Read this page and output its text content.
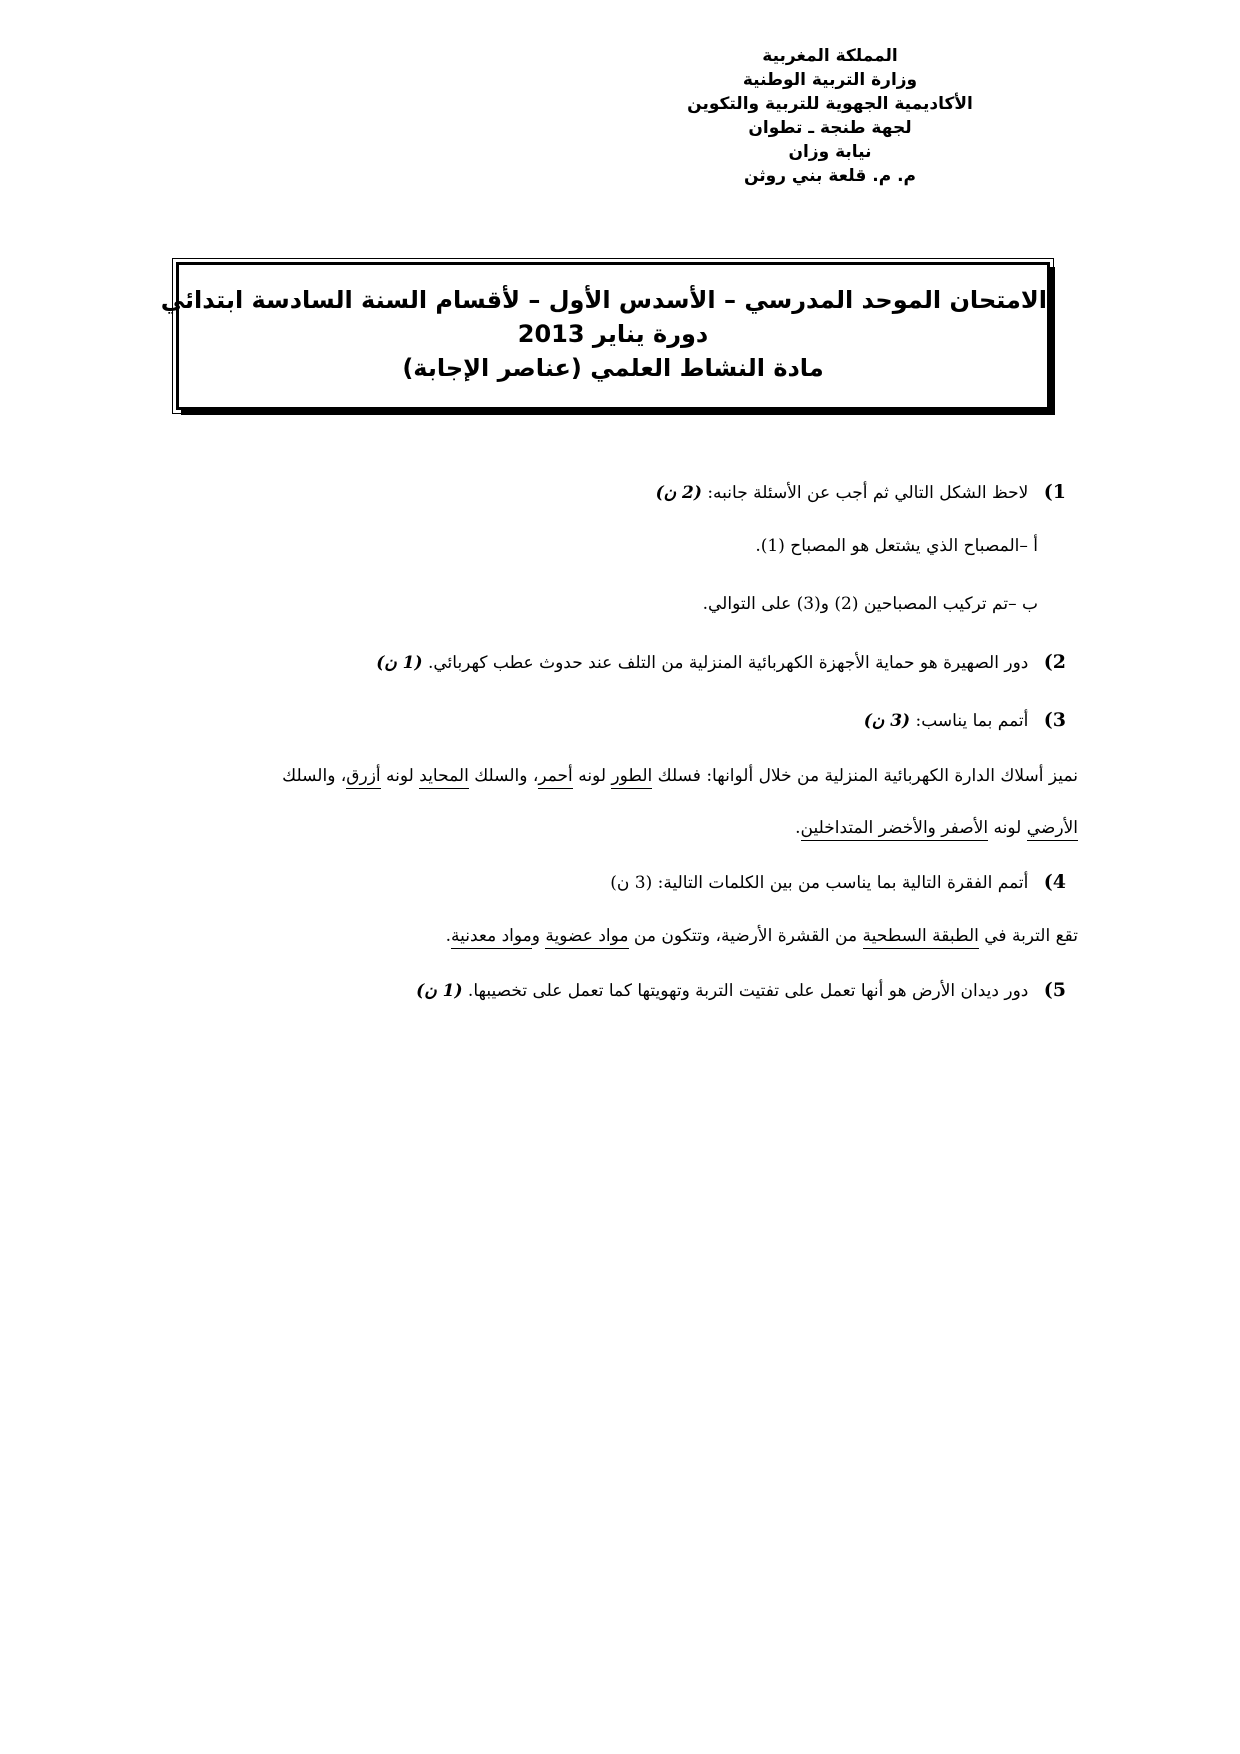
المملكة المغربية
وزارة التربية الوطنية
الأكاديمية الجهوية للتربية والتكوين
لجهة طنجة ـ تطوان
نيابة وزان
م. م. قلعة بني روثن
الامتحان الموحد المدرسي – الأسدس الأول – لأقسام السنة السادسة ابتدائي
دورة يناير 2013
مادة النشاط العلمي (عناصر الإجابة)
1) لاحظ الشكل التالي ثم أجب عن الأسئلة جانبه: (2 ن)
أ –المصباح الذي يشتعل هو المصباح (1).
ب –تم تركيب المصباحين (2) و(3) على التوالي.
2) دور الصهيرة هو حماية الأجهزة الكهربائية المنزلية من التلف عند حدوث عطب كهربائي. (1 ن)
3) أتمم بما يناسب: (3 ن)
نميز أسلاك الدارة الكهربائية المنزلية من خلال ألوانها: فسلك الطور لونه أحمر، والسلك المحايد لونه أزرق، والسلك
الأرضي لونه الأصفر والأخضر المتداخلين.
4) أتمم الفقرة التالية بما يناسب من بين الكلمات التالية: (3 ن)
تقع التربة في الطبقة السطحية من القشرة الأرضية، وتتكون من مواد عضوية ومواد معدنية.
5) دور ديدان الأرض هو أنها تعمل على تفتيت التربة وتهويتها كما تعمل على تخصيبها. (1 ن)
